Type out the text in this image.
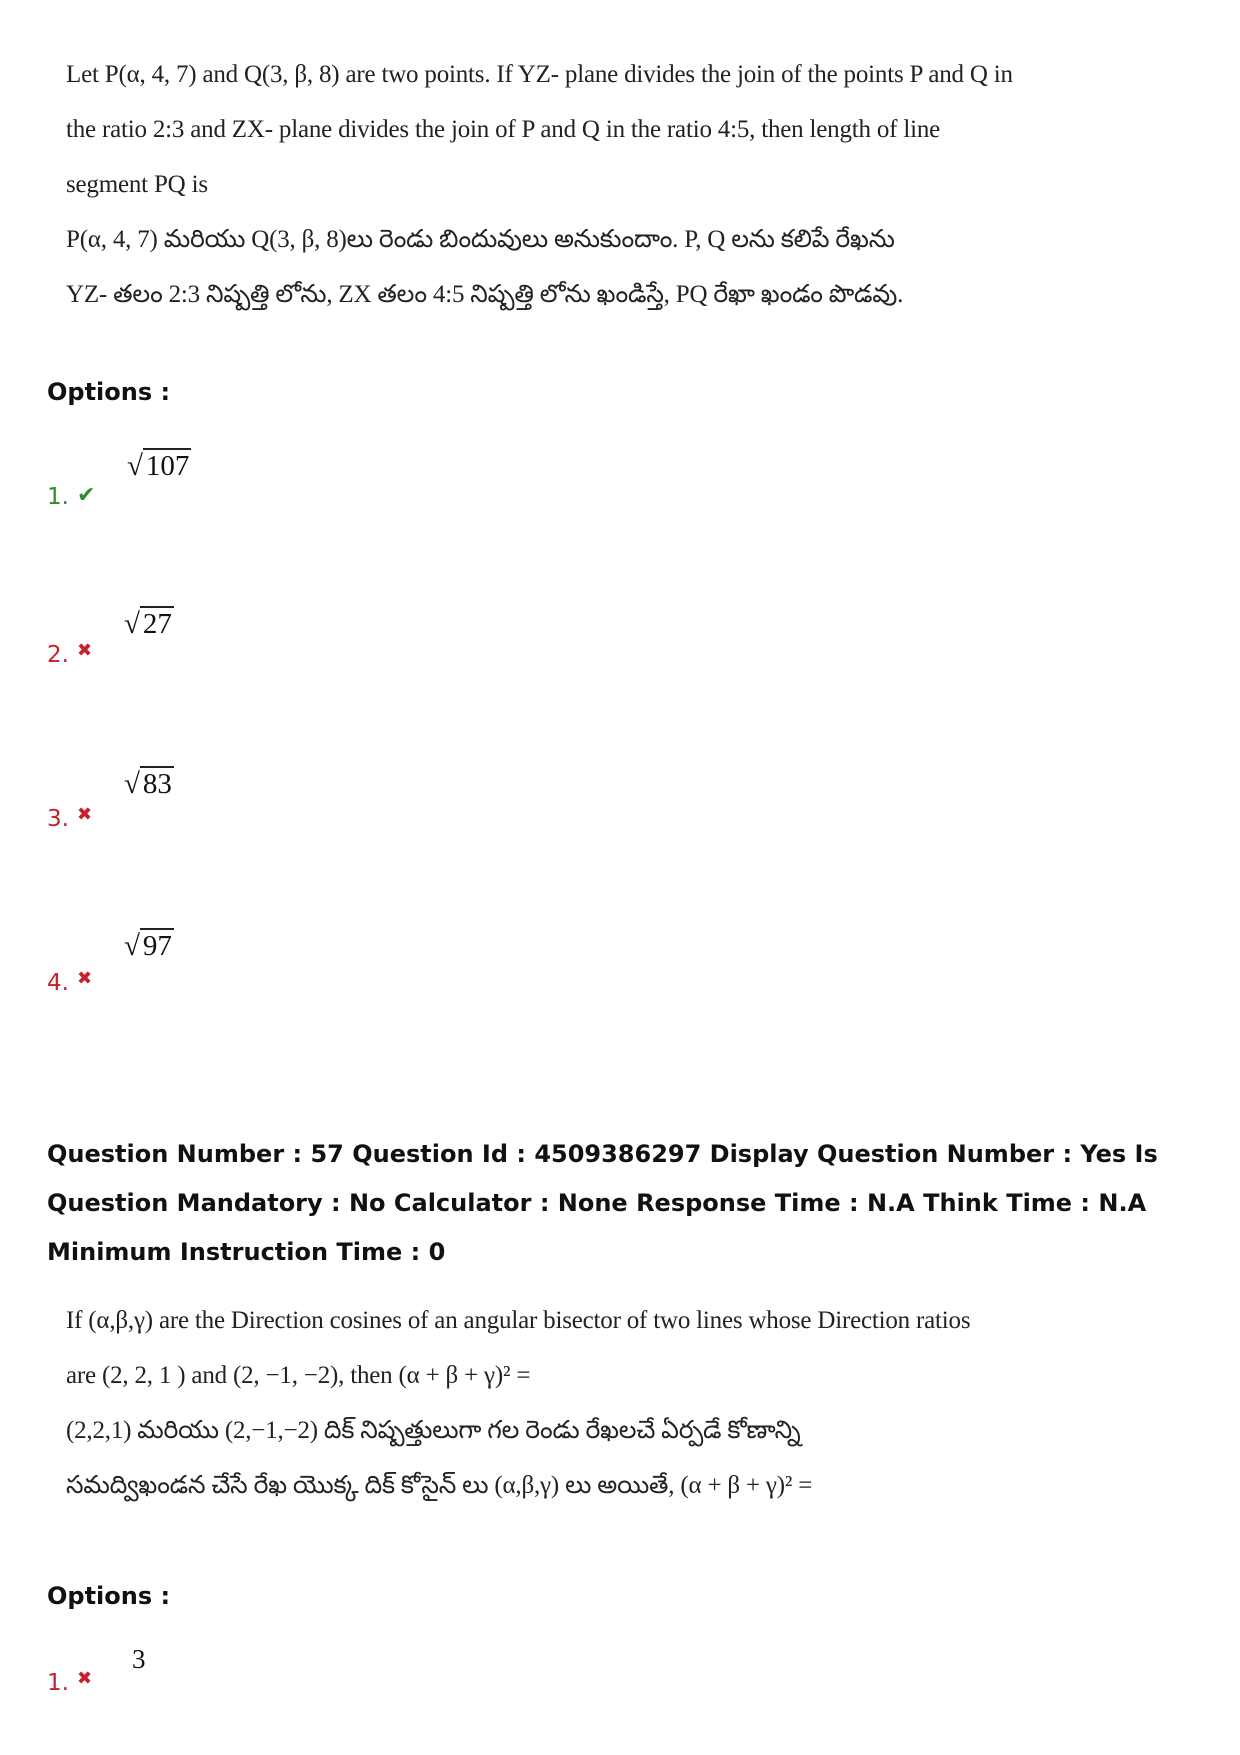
Let P(α, 4, 7) and Q(3, β, 8) are two points. If YZ- plane divides the join of the points P and Q in
the ratio 2:3 and ZX- plane divides the join of P and Q in the ratio 4:5, then length of line
segment PQ is
P(α, 4, 7) మరియు Q(3, β, 8)లు రెండు బిందువులు అనుకుందాం. P, Q లను కలిపే రేఖను
YZ- తలం 2:3 నిష్పత్తి లోను, ZX తలం 4:5 నిష్పత్తి లోను ఖండిస్తే, PQ రేఖా ఖండం పొడవు.
Options :
1. ✔
√ 107
2. ✖
√ 27
3. ✖
√ 83
4. ✖
√ 97
Question Number : 57 Question Id : 4509386297 Display Question Number : Yes Is Question Mandatory : No Calculator : None Response Time : N.A Think Time : N.A Minimum Instruction Time : 0
If (α,β,γ) are the Direction cosines of an angular bisector of two lines whose Direction ratios
are (2, 2, 1 ) and (2, −1, −2), then (α + β + γ)² =
(2,2,1) మరియు (2,−1,−2) దిక్ నిష్పత్తులుగా గల రెండు రేఖలచే ఏర్పడే కోణాన్ని
సమద్విఖండన చేసే రేఖ యొక్క దిక్ కోసైన్ లు (α,β,γ) లు అయితే, (α + β + γ)² =
Options :
1. ✖
3
